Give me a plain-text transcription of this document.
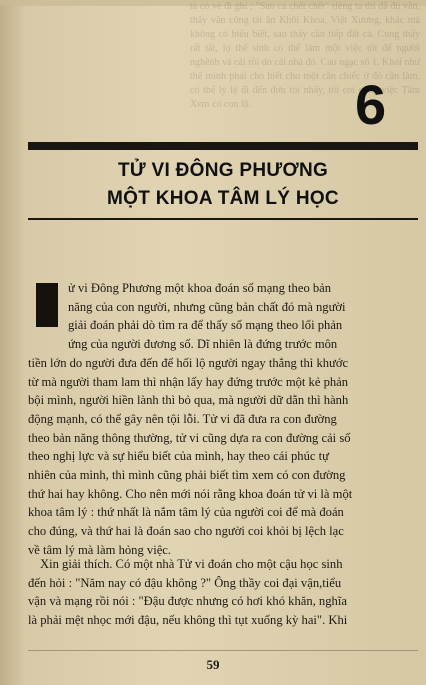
ta có vẻ đi ghi ; "Sao ca chết chết" riêng ta thì đã đủ văn, thấy văn công tài ăn Khôi Khoa, Việt Xương, khác mà không có hiểu biết, sao thấy cần tiếp đất cả. Cung thấy rất tất, lọ thế sinh có thể làm một việc tốt để người nghênh và cải rồi do cái nhà đó. Cao ngạc số 1. Khỏi như thế mình phải cho biết cho một cần chiếc ở đó cần làm, có thể lý lệ đi đến đơn tỏi nhấy, tôi coi công việc Tâm Xem có con lộ.	6
TỬ VI ĐÔNG PHƯƠNG
MỘT KHOA TÂM LÝ HỌC
ử vi Đông Phương một khoa đoán số mạng theo bản
năng của con người, nhưng cũng bản chất đó mà người
giải đoán phải dò tìm ra để thấy số mạng theo lối phản
ứng của người đương số. Dĩ nhiên là đứng trước môn
tiền lớn do người đưa đến để hối lộ người ngay thẳng thì khước
từ mà người tham lam thì nhận lấy hay đứng trước một kẻ phản
bội mình, người hiền lành thì bỏ qua, mà người dữ dằn thì hành
động mạnh, có thể gây nên tội lỗi. Tử vi đã đưa ra con đường
theo bản năng thông thường, tử vi cũng dựa ra con đường cải số
theo nghị lực và sự hiểu biết của mình, hay theo cái phúc tự
nhiên của mình, thì mình cũng phải biết tìm xem có con đường
thứ hai hay không. Cho nên mới nói rằng khoa đoán tử vi là một
khoa tâm lý : thứ nhất là nắm tâm lý của người coi để mà đoán
cho đúng, và thứ hai là đoán sao cho người coi khỏi bị lệch lạc
về tâm lý mà làm hỏng việc.
Xin giải thích. Có một nhà Tử vi đoán cho một cậu học sinh
đến hỏi : "Năm nay có đậu không ?" Ông thầy coi đại vận,tiểu
vận và mạng rồi nói : "Đậu được nhưng có hơi khó khăn, nghĩa
là phải mệt nhọc mới đậu, nếu không thì tụt xuống kỳ hai". Khi
59
